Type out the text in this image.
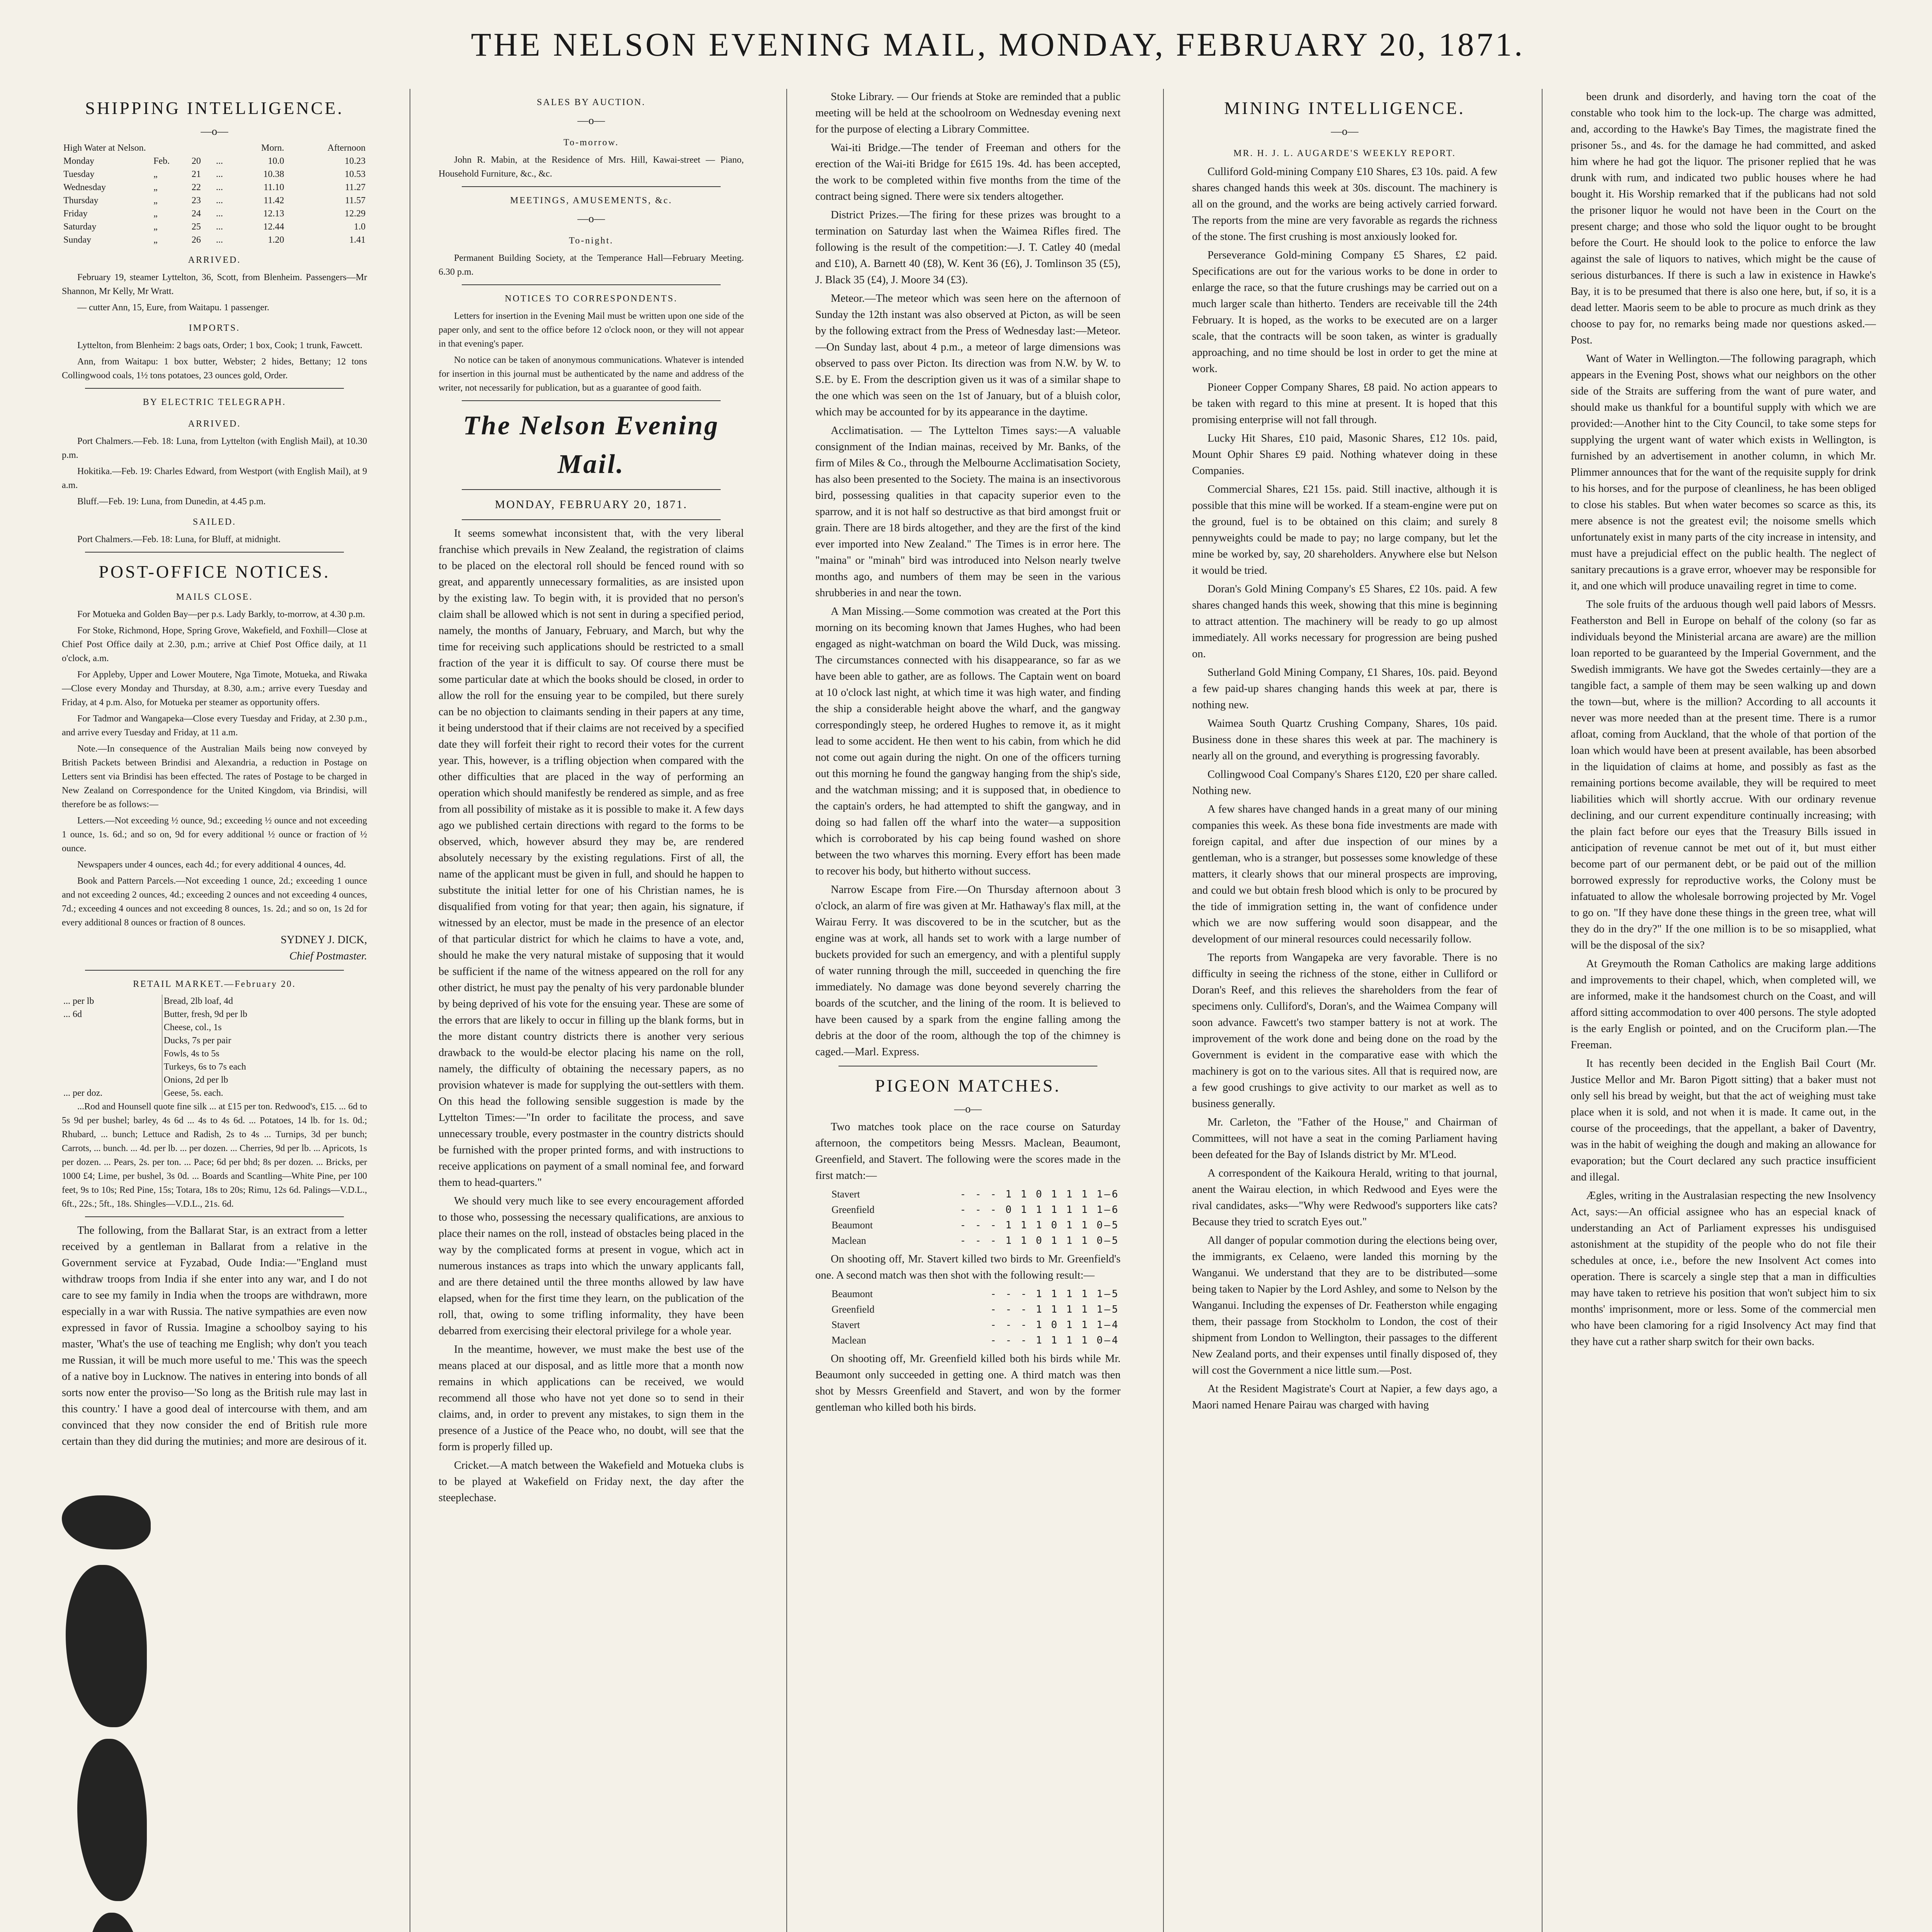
THE NELSON EVENING MAIL, MONDAY, FEBRUARY 20, 1871.
SHIPPING INTELLIGENCE.
—o—
High Water at Nelson.				Morn.	Afternoon
Monday	Feb.	20	...	10.0	10.23
Tuesday	„	21	...	10.38	10.53
Wednesday	„	22	...	11.10	11.27
Thursday	„	23	...	11.42	11.57
Friday	„	24	...	12.13	12.29
Saturday	„	25	...	12.44	1.0
Sunday	„	26	...	1.20	1.41
ARRIVED.

February 19, steamer Lyttelton, 36, Scott, from Blenheim. Passengers—Mr Shannon, Mr Kelly, Mr Wratt.

— cutter Ann, 15, Eure, from Waitapu. 1 passenger.

IMPORTS.

Lyttelton, from Blenheim: 2 bags oats, Order; 1 box, Cook; 1 trunk, Fawcett.

Ann, from Waitapu: 1 box butter, Webster; 2 hides, Bettany; 12 tons Collingwood coals, 1½ tons potatoes, 23 ounces gold, Order.

BY ELECTRIC TELEGRAPH.
ARRIVED.

Port Chalmers.—Feb. 18: Luna, from Lyttelton (with English Mail), at 10.30 p.m.

Hokitika.—Feb. 19: Charles Edward, from Westport (with English Mail), at 9 a.m.

Bluff.—Feb. 19: Luna, from Dunedin, at 4.45 p.m.

SAILED.

Port Chalmers.—Feb. 18: Luna, for Bluff, at midnight.

POST-OFFICE NOTICES.
MAILS CLOSE.

For Motueka and Golden Bay—per p.s. Lady Barkly, to-morrow, at 4.30 p.m.

For Stoke, Richmond, Hope, Spring Grove, Wakefield, and Foxhill—Close at Chief Post Office daily at 2.30, p.m.; arrive at Chief Post Office daily, at 11 o'clock, a.m.

For Appleby, Upper and Lower Moutere, Nga Timote, Motueka, and Riwaka—Close every Monday and Thursday, at 8.30, a.m.; arrive every Tuesday and Friday, at 4 p.m. Also, for Motueka per steamer as opportunity offers.

For Tadmor and Wangapeka—Close every Tuesday and Friday, at 2.30 p.m., and arrive every Tuesday and Friday, at 11 a.m.

Note.—In consequence of the Australian Mails being now conveyed by British Packets between Brindisi and Alexandria, a reduction in Postage on Letters sent via Brindisi has been effected. The rates of Postage to be charged in New Zealand on Correspondence for the United Kingdom, via Brindisi, will therefore be as follows:—

Letters.—Not exceeding ½ ounce, 9d.; exceeding ½ ounce and not exceeding 1 ounce, 1s. 6d.; and so on, 9d for every additional ½ ounce or fraction of ½ ounce.

Newspapers under 4 ounces, each 4d.; for every additional 4 ounces, 4d.

Book and Pattern Parcels.—Not exceeding 1 ounce, 2d.; exceeding 1 ounce and not exceeding 2 ounces, 4d.; exceeding 2 ounces and not exceeding 4 ounces, 7d.; exceeding 4 ounces and not exceeding 8 ounces, 1s. 2d.; and so on, 1s 2d for every additional 8 ounces or fraction of 8 ounces.

SYDNEY J. DICK,
Chief Postmaster.
RETAIL MARKET.—February 20.
... per lb	Bread, 2lb loaf, 4d
... 6d	Butter, fresh, 9d per lb
	Cheese, col., 1s
	Ducks, 7s per pair
	Fowls, 4s to 5s
	Turkeys, 6s to 7s each
	Onions, 2d per lb
... per doz.	Geese, 5s. each.

...Rod and Hounsell quote fine silk ... at £15 per ton. Redwood's, £15. ... 6d to 5s 9d per bushel; barley, 4s 6d ... 4s to 4s 6d. ... Potatoes, 14 lb. for 1s. 0d.; Rhubard, ... bunch; Lettuce and Radish, 2s to 4s ... Turnips, 3d per bunch; Carrots, ... bunch. ... 4d. per lb. ... per dozen. ... Cherries, 9d per lb. ... Apricots, 1s per dozen. ... Pears, 2s. per ton. ... Pace; 6d per bhd; 8s per dozen. ... Bricks, per 1000 £4; Lime, per bushel, 3s 0d. ... Boards and Scantling—White Pine, per 100 feet, 9s to 10s; Red Pine, 15s; Totara, 18s to 20s; Rimu, 12s 6d. Palings—V.D.L., 6ft., 22s.; 5ft., 18s. Shingles—V.D.L., 21s. 6d.

The following, from the Ballarat Star, is an extract from a letter received by a gentleman in Ballarat from a relative in the Government service at Fyzabad, Oude India:—"England must withdraw troops from India if she enter into any war, and I do not care to see my family in India when the troops are withdrawn, more especially in a war with Russia. The native sympathies are even now expressed in favor of Russia. Imagine a schoolboy saying to his master, 'What's the use of teaching me English; why don't you teach me Russian, it will be much more useful to me.' This was the speech of a native boy in Lucknow. The natives in entering into bonds of all sorts now enter the proviso—'So long as the British rule may last in this country.' I have a good deal of intercourse with them, and am convinced that they now consider the end of British rule more certain than they did during the mutinies; and more are desirous of it.

SALES BY AUCTION.
—o—
To-morrow.

John R. Mabin, at the Residence of Mrs. Hill, Kawai-street — Piano, Household Furniture, &c., &c.

MEETINGS, AMUSEMENTS, &c.
—o—
To-night.

Permanent Building Society, at the Temperance Hall—February Meeting. 6.30 p.m.

NOTICES TO CORRESPONDENTS.

Letters for insertion in the Evening Mail must be written upon one side of the paper only, and sent to the office before 12 o'clock noon, or they will not appear in that evening's paper.

No notice can be taken of anonymous communications. Whatever is intended for insertion in this journal must be authenticated by the name and address of the writer, not necessarily for publication, but as a guarantee of good faith.

The Nelson Evening Mail.
MONDAY, FEBRUARY 20, 1871.

It seems somewhat inconsistent that, with the very liberal franchise which prevails in New Zealand, the registration of claims to be placed on the electoral roll should be fenced round with so great, and apparently unnecessary formalities, as are insisted upon by the existing law. To begin with, it is provided that no person's claim shall be allowed which is not sent in during a specified period, namely, the months of January, February, and March, but why the time for receiving such applications should be restricted to a small fraction of the year it is difficult to say. Of course there must be some particular date at which the books should be closed, in order to allow the roll for the ensuing year to be compiled, but there surely can be no objection to claimants sending in their papers at any time, it being understood that if their claims are not received by a specified date they will forfeit their right to record their votes for the current year. This, however, is a trifling objection when compared with the other difficulties that are placed in the way of performing an operation which should manifestly be rendered as simple, and as free from all possibility of mistake as it is possible to make it. A few days ago we published certain directions with regard to the forms to be observed, which, however absurd they may be, are rendered absolutely necessary by the existing regulations. First of all, the name of the applicant must be given in full, and should he happen to substitute the initial letter for one of his Christian names, he is disqualified from voting for that year; then again, his signature, if witnessed by an elector, must be made in the presence of an elector of that particular district for which he claims to have a vote, and, should he make the very natural mistake of supposing that it would be sufficient if the name of the witness appeared on the roll for any other district, he must pay the penalty of his very pardonable blunder by being deprived of his vote for the ensuing year. These are some of the errors that are likely to occur in filling up the blank forms, but in the more distant country districts there is another very serious drawback to the would-be elector placing his name on the roll, namely, the difficulty of obtaining the necessary papers, as no provision whatever is made for supplying the out-settlers with them. On this head the following sensible suggestion is made by the Lyttelton Times:—"In order to facilitate the process, and save unnecessary trouble, every postmaster in the country districts should be furnished with the proper printed forms, and with instructions to receive applications on payment of a small nominal fee, and forward them to head-quarters."

We should very much like to see every encouragement afforded to those who, possessing the necessary qualifications, are anxious to place their names on the roll, instead of obstacles being placed in the way by the complicated forms at present in vogue, which act in numerous instances as traps into which the unwary applicants fall, and are there detained until the three months allowed by law have elapsed, when for the first time they learn, on the publication of the roll, that, owing to some trifling informality, they have been debarred from exercising their electoral privilege for a whole year.

In the meantime, however, we must make the best use of the means placed at our disposal, and as little more that a month now remains in which applications can be received, we would recommend all those who have not yet done so to send in their claims, and, in order to prevent any mistakes, to sign them in the presence of a Justice of the Peace who, no doubt, will see that the form is properly filled up.

Cricket.—A match between the Wakefield and Motueka clubs is to be played at Wakefield on Friday next, the day after the steeplechase.

Stoke Library. — Our friends at Stoke are reminded that a public meeting will be held at the schoolroom on Wednesday evening next for the purpose of electing a Library Committee.

Wai-iti Bridge.—The tender of Freeman and others for the erection of the Wai-iti Bridge for £615 19s. 4d. has been accepted, the work to be completed within five months from the time of the contract being signed. There were six tenders altogether.

District Prizes.—The firing for these prizes was brought to a termination on Saturday last when the Waimea Rifles fired. The following is the result of the competition:—J. T. Catley 40 (medal and £10), A. Barnett 40 (£8), W. Kent 36 (£6), J. Tomlinson 35 (£5), J. Black 35 (£4), J. Moore 34 (£3).

Meteor.—The meteor which was seen here on the afternoon of Sunday the 12th instant was also observed at Picton, as will be seen by the following extract from the Press of Wednesday last:—Meteor.—On Sunday last, about 4 p.m., a meteor of large dimensions was observed to pass over Picton. Its direction was from N.W. by W. to S.E. by E. From the description given us it was of a similar shape to the one which was seen on the 1st of January, but of a bluish color, which may be accounted for by its appearance in the daytime.

Acclimatisation. — The Lyttelton Times says:—A valuable consignment of the Indian mainas, received by Mr. Banks, of the firm of Miles & Co., through the Melbourne Acclimatisation Society, has also been presented to the Society. The maina is an insectivorous bird, possessing qualities in that capacity superior even to the sparrow, and it is not half so destructive as that bird amongst fruit or grain. There are 18 birds altogether, and they are the first of the kind ever imported into New Zealand." The Times is in error here. The "maina" or "minah" bird was introduced into Nelson nearly twelve months ago, and numbers of them may be seen in the various shrubberies in and near the town.

A Man Missing.—Some commotion was created at the Port this morning on its becoming known that James Hughes, who had been engaged as night-watchman on board the Wild Duck, was missing. The circumstances connected with his disappearance, so far as we have been able to gather, are as follows. The Captain went on board at 10 o'clock last night, at which time it was high water, and finding the ship a considerable height above the wharf, and the gangway correspondingly steep, he ordered Hughes to remove it, as it might lead to some accident. He then went to his cabin, from which he did not come out again during the night. On one of the officers turning out this morning he found the gangway hanging from the ship's side, and the watchman missing; and it is supposed that, in obedience to the captain's orders, he had attempted to shift the gangway, and in doing so had fallen off the wharf into the water—a supposition which is corroborated by his cap being found washed on shore between the two wharves this morning. Every effort has been made to recover his body, but hitherto without success.

Narrow Escape from Fire.—On Thursday afternoon about 3 o'clock, an alarm of fire was given at Mr. Hathaway's flax mill, at the Wairau Ferry. It was discovered to be in the scutcher, but as the engine was at work, all hands set to work with a large number of buckets provided for such an emergency, and with a plentiful supply of water running through the mill, succeeded in quenching the fire immediately. No damage was done beyond severely charring the boards of the scutcher, and the lining of the room. It is believed to have been caused by a spark from the engine falling among the debris at the door of the room, although the top of the chimney is caged.—Marl. Express.

PIGEON MATCHES.
—o—

Two matches took place on the race course on Saturday afternoon, the competitors being Messrs. Maclean, Beaumont, Greenfield, and Stavert. The following were the scores made in the first match:—

Stavert	- - - 1 1 0 1 1 1 1—6
Greenfield	- - - 0 1 1 1 1 1 1—6
Beaumont	- - - 1 1 1 0 1 1 0—5
Maclean	- - - 1 1 0 1 1 1 0—5

On shooting off, Mr. Stavert killed two birds to Mr. Greenfield's one. A second match was then shot with the following result:—

Beaumont	- - - 1 1 1 1 1—5
Greenfield	- - - 1 1 1 1 1—5
Stavert	- - - 1 0 1 1 1—4
Maclean	- - - 1 1 1 1 0—4

On shooting off, Mr. Greenfield killed both his birds while Mr. Beaumont only succeeded in getting one. A third match was then shot by Messrs Greenfield and Stavert, and won by the former gentleman who killed both his birds.

MINING INTELLIGENCE.
—o—
MR. H. J. L. AUGARDE'S WEEKLY REPORT.

Culliford Gold-mining Company £10 Shares, £3 10s. paid. A few shares changed hands this week at 30s. discount. The machinery is all on the ground, and the works are being actively carried forward. The reports from the mine are very favorable as regards the richness of the stone. The first crushing is most anxiously looked for.

Perseverance Gold-mining Company £5 Shares, £2 paid. Specifications are out for the various works to be done in order to enlarge the race, so that the future crushings may be carried out on a much larger scale than hitherto. Tenders are receivable till the 24th February. It is hoped, as the works to be executed are on a larger scale, that the contracts will be soon taken, as winter is gradually approaching, and no time should be lost in order to get the mine at work.

Pioneer Copper Company Shares, £8 paid. No action appears to be taken with regard to this mine at present. It is hoped that this promising enterprise will not fall through.

Lucky Hit Shares, £10 paid, Masonic Shares, £12 10s. paid, Mount Ophir Shares £9 paid. Nothing whatever doing in these Companies.

Commercial Shares, £21 15s. paid. Still inactive, although it is possible that this mine will be worked. If a steam-engine were put on the ground, fuel is to be obtained on this claim; and surely 8 pennyweights could be made to pay; no large company, but let the mine be worked by, say, 20 shareholders. Anywhere else but Nelson it would be tried.

Doran's Gold Mining Company's £5 Shares, £2 10s. paid. A few shares changed hands this week, showing that this mine is beginning to attract attention. The machinery will be ready to go up almost immediately. All works necessary for progression are being pushed on.

Sutherland Gold Mining Company, £1 Shares, 10s. paid. Beyond a few paid-up shares changing hands this week at par, there is nothing new.

Waimea South Quartz Crushing Company, Shares, 10s paid. Business done in these shares this week at par. The machinery is nearly all on the ground, and everything is progressing favorably.

Collingwood Coal Company's Shares £120, £20 per share called. Nothing new.

A few shares have changed hands in a great many of our mining companies this week. As these bona fide investments are made with foreign capital, and after due inspection of our mines by a gentleman, who is a stranger, but possesses some knowledge of these matters, it clearly shows that our mineral prospects are improving, and could we but obtain fresh blood which is only to be procured by the tide of immigration setting in, the want of confidence under which we are now suffering would soon disappear, and the development of our mineral resources could necessarily follow.

The reports from Wangapeka are very favorable. There is no difficulty in seeing the richness of the stone, either in Culliford or Doran's Reef, and this relieves the shareholders from the fear of specimens only. Culliford's, Doran's, and the Waimea Company will soon advance. Fawcett's two stamper battery is not at work. The improvement of the work done and being done on the road by the Government is evident in the comparative ease with which the machinery is got on to the various sites. All that is required now, are a few good crushings to give activity to our market as well as to business generally.

Mr. Carleton, the "Father of the House," and Chairman of Committees, will not have a seat in the coming Parliament having been defeated for the Bay of Islands district by Mr. M'Leod.

A correspondent of the Kaikoura Herald, writing to that journal, anent the Wairau election, in which Redwood and Eyes were the rival candidates, asks—"Why were Redwood's supporters like cats? Because they tried to scratch Eyes out."

All danger of popular commotion during the elections being over, the immigrants, ex Celaeno, were landed this morning by the Wanganui. We understand that they are to be distributed—some being taken to Napier by the Lord Ashley, and some to Nelson by the Wanganui. Including the expenses of Dr. Featherston while engaging them, their passage from Stockholm to London, the cost of their shipment from London to Wellington, their passages to the different New Zealand ports, and their expenses until finally disposed of, they will cost the Government a nice little sum.—Post.

At the Resident Magistrate's Court at Napier, a few days ago, a Maori named Henare Pairau was charged with having

been drunk and disorderly, and having torn the coat of the constable who took him to the lock-up. The charge was admitted, and, according to the Hawke's Bay Times, the magistrate fined the prisoner 5s., and 4s. for the damage he had committed, and asked him where he had got the liquor. The prisoner replied that he was drunk with rum, and indicated two public houses where he had bought it. His Worship remarked that if the publicans had not sold the prisoner liquor he would not have been in the Court on the present charge; and those who sold the liquor ought to be brought before the Court. He should look to the police to enforce the law against the sale of liquors to natives, which might be the cause of serious disturbances. If there is such a law in existence in Hawke's Bay, it is to be presumed that there is also one here, but, if so, it is a dead letter. Maoris seem to be able to procure as much drink as they choose to pay for, no remarks being made nor questions asked.—Post.

Want of Water in Wellington.—The following paragraph, which appears in the Evening Post, shows what our neighbors on the other side of the Straits are suffering from the want of pure water, and should make us thankful for a bountiful supply with which we are provided:—Another hint to the City Council, to take some steps for supplying the urgent want of water which exists in Wellington, is furnished by an advertisement in another column, in which Mr. Plimmer announces that for the want of the requisite supply for drink to his horses, and for the purpose of cleanliness, he has been obliged to close his stables. But when water becomes so scarce as this, its mere absence is not the greatest evil; the noisome smells which unfortunately exist in many parts of the city increase in intensity, and must have a prejudicial effect on the public health. The neglect of sanitary precautions is a grave error, whoever may be responsible for it, and one which will produce unavailing regret in time to come.

The sole fruits of the arduous though well paid labors of Messrs. Featherston and Bell in Europe on behalf of the colony (so far as individuals beyond the Ministerial arcana are aware) are the million loan reported to be guaranteed by the Imperial Government, and the Swedish immigrants. We have got the Swedes certainly—they are a tangible fact, a sample of them may be seen walking up and down the town—but, where is the million? According to all accounts it never was more needed than at the present time. There is a rumor afloat, coming from Auckland, that the whole of that portion of the loan which would have been at present available, has been absorbed in the liquidation of claims at home, and possibly as fast as the remaining portions become available, they will be required to meet liabilities which will shortly accrue. With our ordinary revenue declining, and our current expenditure continually increasing; with the plain fact before our eyes that the Treasury Bills issued in anticipation of revenue cannot be met out of it, but must either become part of our permanent debt, or be paid out of the million borrowed expressly for reproductive works, the Colony must be infatuated to allow the wholesale borrowing projected by Mr. Vogel to go on. "If they have done these things in the green tree, what will they do in the dry?" If the one million is to be so misapplied, what will be the disposal of the six?

At Greymouth the Roman Catholics are making large additions and improvements to their chapel, which, when completed will, we are informed, make it the handsomest church on the Coast, and will afford sitting accommodation to over 400 persons. The style adopted is the early English or pointed, and on the Cruciform plan.—The Freeman.

It has recently been decided in the English Bail Court (Mr. Justice Mellor and Mr. Baron Pigott sitting) that a baker must not only sell his bread by weight, but that the act of weighing must take place when it is sold, and not when it is made. It came out, in the course of the proceedings, that the appellant, a baker of Daventry, was in the habit of weighing the dough and making an allowance for evaporation; but the Court declared any such practice insufficient and illegal.

Ægles, writing in the Australasian respecting the new Insolvency Act, says:—An official assignee who has an especial knack of understanding an Act of Parliament expresses his undisguised astonishment at the stupidity of the people who do not file their schedules at once, i.e., before the new Insolvent Act comes into operation. There is scarcely a single step that a man in difficulties may have taken to retrieve his position that won't subject him to six months' imprisonment, more or less. Some of the commercial men who have been clamoring for a rigid Insolvency Act may find that they have cut a rather sharp switch for their own backs.
